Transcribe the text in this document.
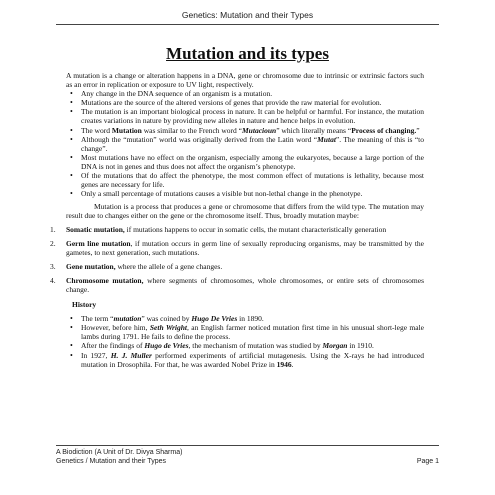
Genetics: Mutation and their Types
Mutation and its types

A mutation is a change or alteration happens in a DNA, gene or chromosome due to intrinsic or extrinsic factors such as an error in replication or exposure to UV light, respectively.

• Any change in the DNA sequence of an organism is a mutation.
• Mutations are the source of the altered versions of genes that provide the raw material for evolution.
• The mutation is an important biological process in nature. It can be helpful or harmful. For instance, the mutation creates variations in nature by providing new alleles in nature and hence helps in evolution.
• The word Mutation was similar to the French word “Mutacioun” which literally means “Process of changing.”
• Although the “mutation” world was originally derived from the Latin word “Mutat”. The meaning of this is “to change”.
• Most mutations have no effect on the organism, especially among the eukaryotes, because a large portion of the DNA is not in genes and thus does not affect the organism’s phenotype.
• Of the mutations that do affect the phenotype, the most common effect of mutations is lethality, because most genes are necessary for life.
• Only a small percentage of mutations causes a visible but non-lethal change in the phenotype.

Mutation is a process that produces a gene or chromosome that differs from the wild type. The mutation may result due to changes either on the gene or the chromosome itself. Thus, broadly mutation maybe:

1. Somatic mutation, if mutations happens to occur in somatic cells, the mutant characteristically generation
2. Germ line mutation, if mutation occurs in germ line of sexually reproducing organisms, may be transmitted by the gametes, to next generation, such mutations.
3. Gene mutation, where the allele of a gene changes.
4. Chromosome mutation, where segments of chromosomes, whole chromosomes, or entire sets of chromosomes change.
History
• The term “mutation” was coined by Hugo De Vries in 1890.
• However, before him, Seth Wright, an English farmer noticed mutation first time in his unusual short-lege male lambs during 1791. He fails to define the process.
• After the findings of Hugo de Vries, the mechanism of mutation was studied by Morgan in 1910.
• In 1927, H. J. Muller performed experiments of artificial mutagenesis. Using the X-rays he had introduced mutation in Drosophila. For that, he was awarded Nobel Prize in 1946.
A Biodiction (A Unit of Dr. Divya Sharma)
Genetics / Mutation and their Types	Page 1
